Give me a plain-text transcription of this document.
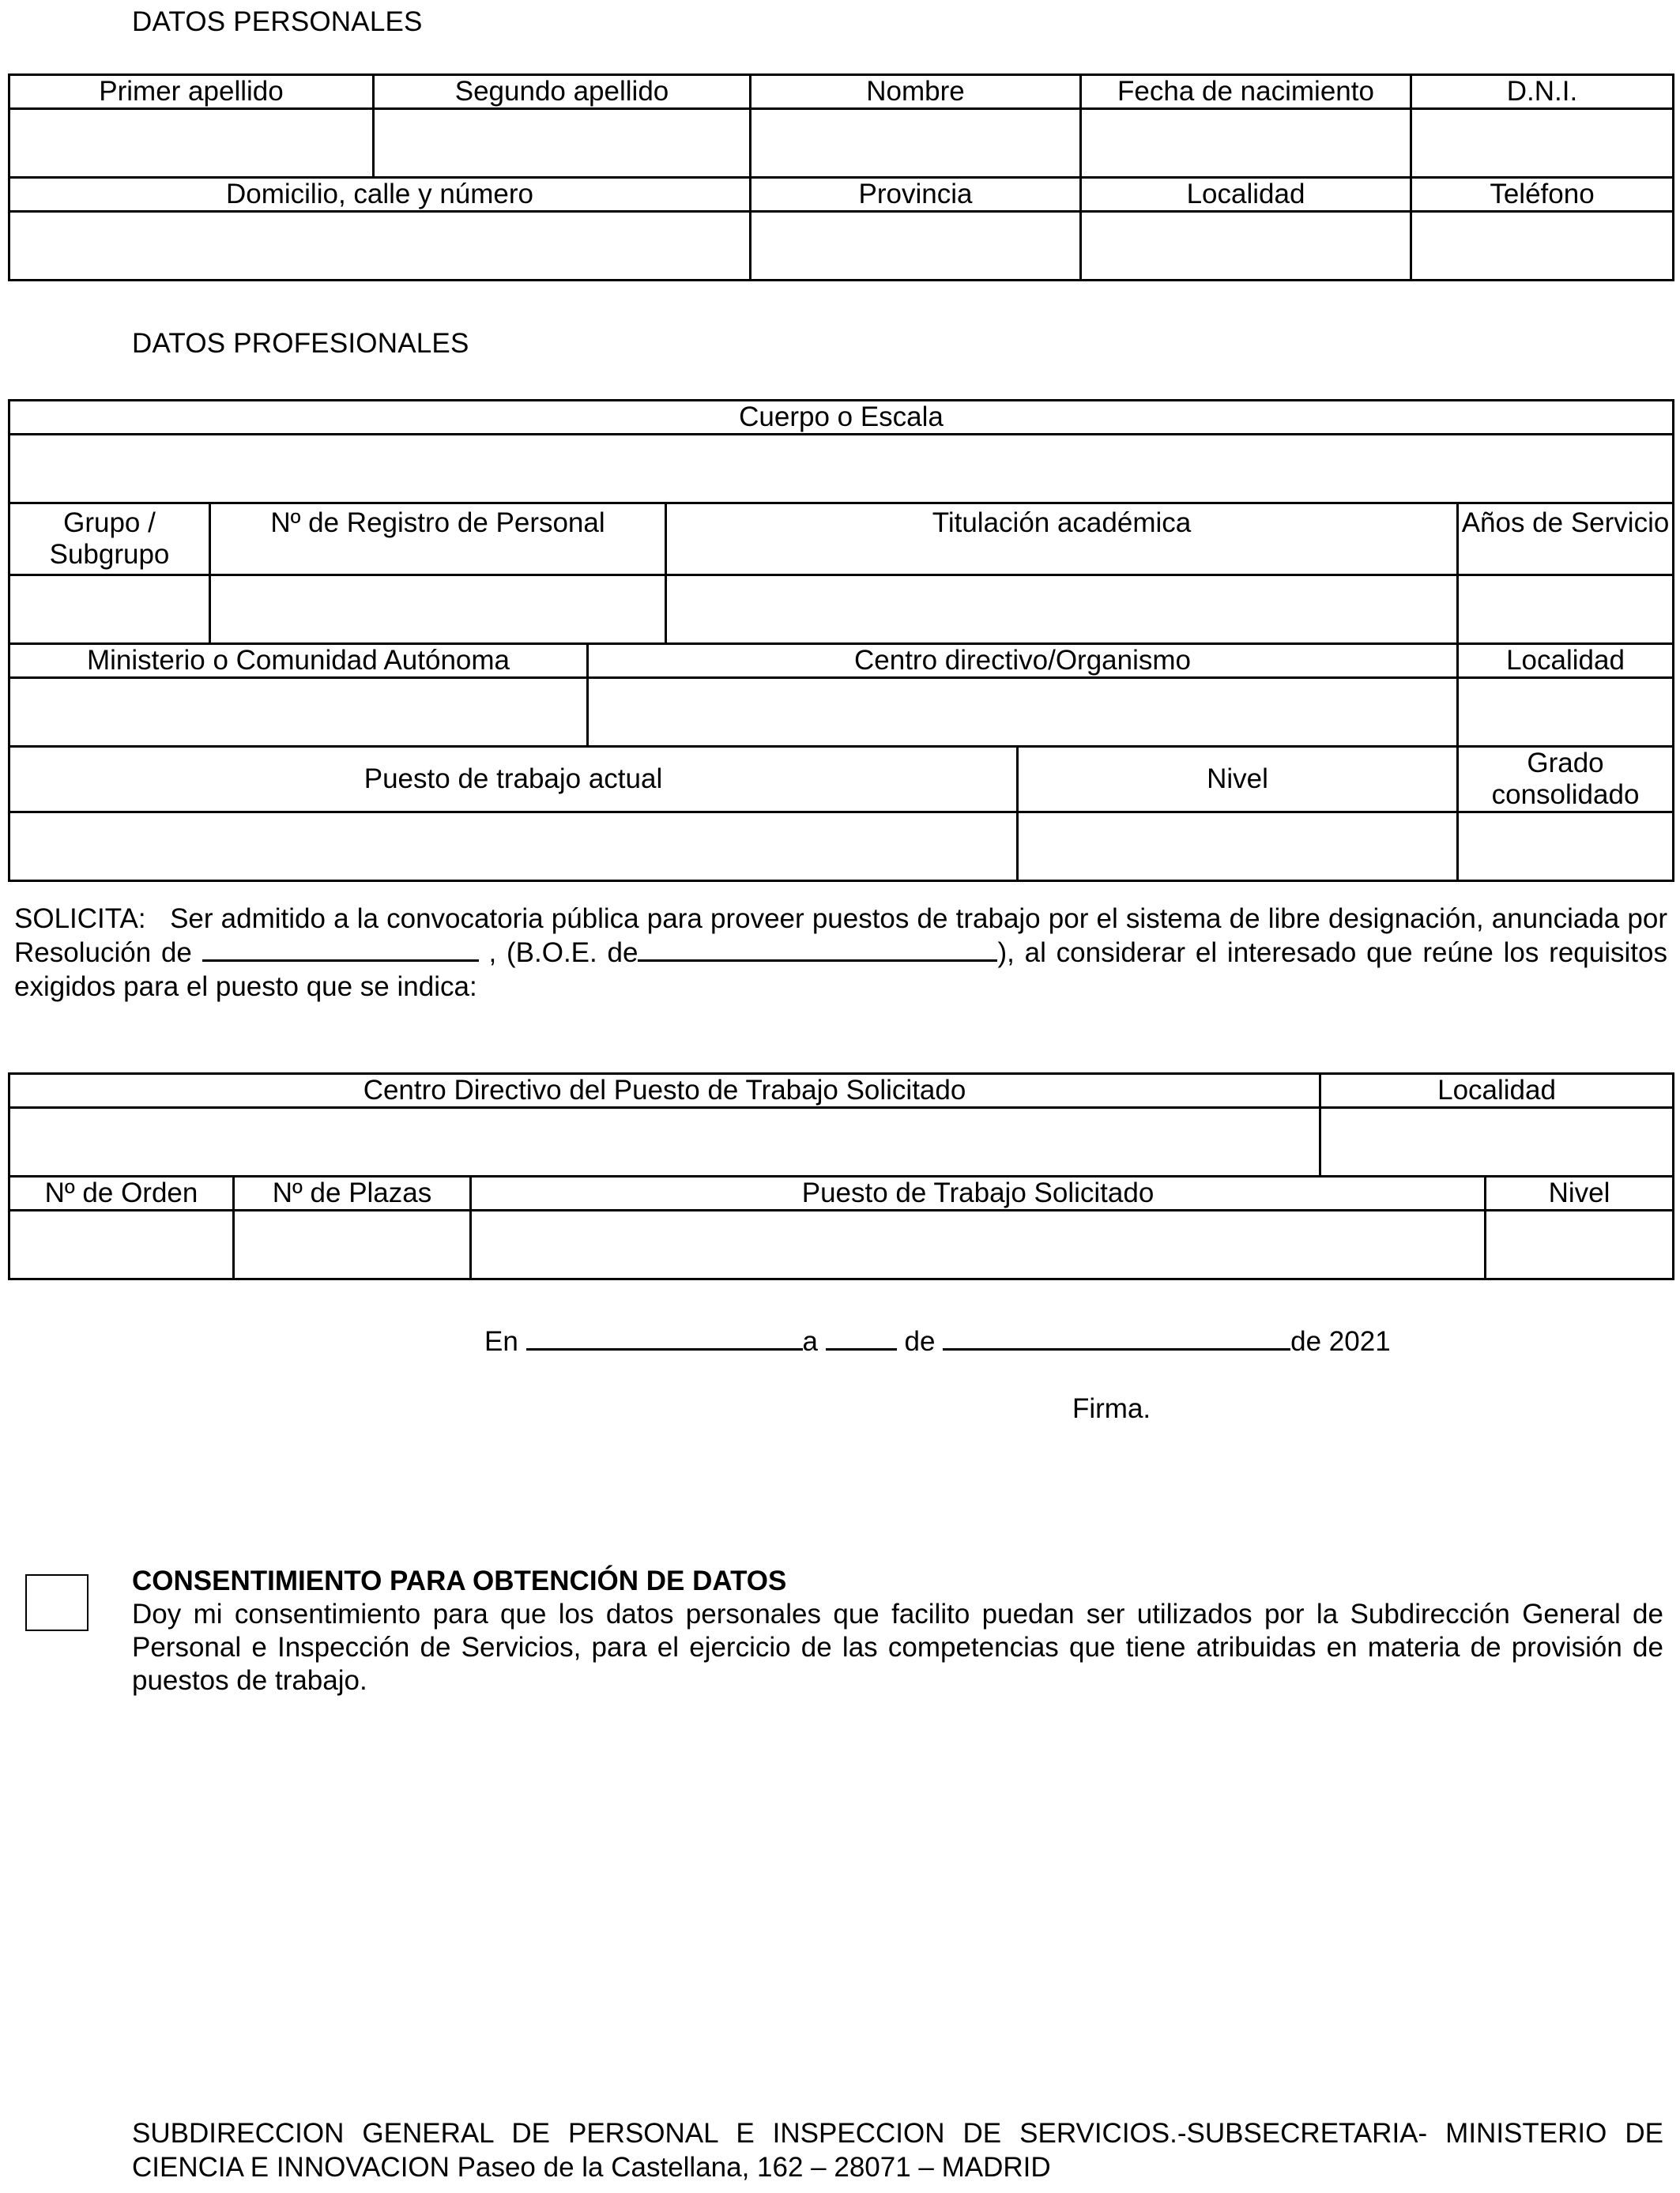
DATOS PERSONALES
Primer apellido	Segundo apellido	Nombre	Fecha de nacimiento	D.N.I.

Domicilio, calle y número		Provincia	Localidad	Teléfono

DATOS PROFESIONALES
Cuerpo o Escala					

Grupo /
Subgrupo	Nº de Registro de Personal		Titulación académica		Años de Servicio

Ministerio o Comunidad Autónoma		Centro directivo/Organismo			Localidad

Puesto de trabajo actual				Nivel	Grado consolidado

SOLICITA: Ser admitido a la convocatoria pública para proveer puestos de trabajo por el sistema de libre designación, anunciada por Resolución de	, (B.O.E. de	), al considerar el interesado que reúne los requisitos exigidos para el puesto que se indica:
Centro Directivo del Puesto de Trabajo Solicitado			Localidad	

Nº de Orden	Nº de Plazas	Puesto de Trabajo Solicitado		Nivel

En	a	de	de 2021
Firma.
CONSENTIMIENTO PARA OBTENCIÓN DE DATOS
Doy mi consentimiento para que los datos personales que facilito puedan ser utilizados por la Subdirección General de Personal e Inspección de Servicios, para el ejercicio de las competencias que tiene atribuidas en materia de provisión de puestos de trabajo.
SUBDIRECCION GENERAL DE PERSONAL E INSPECCION DE SERVICIOS.-SUBSECRETARIA- MINISTERIO DE CIENCIA E INNOVACION Paseo de la Castellana, 162 – 28071 – MADRID
